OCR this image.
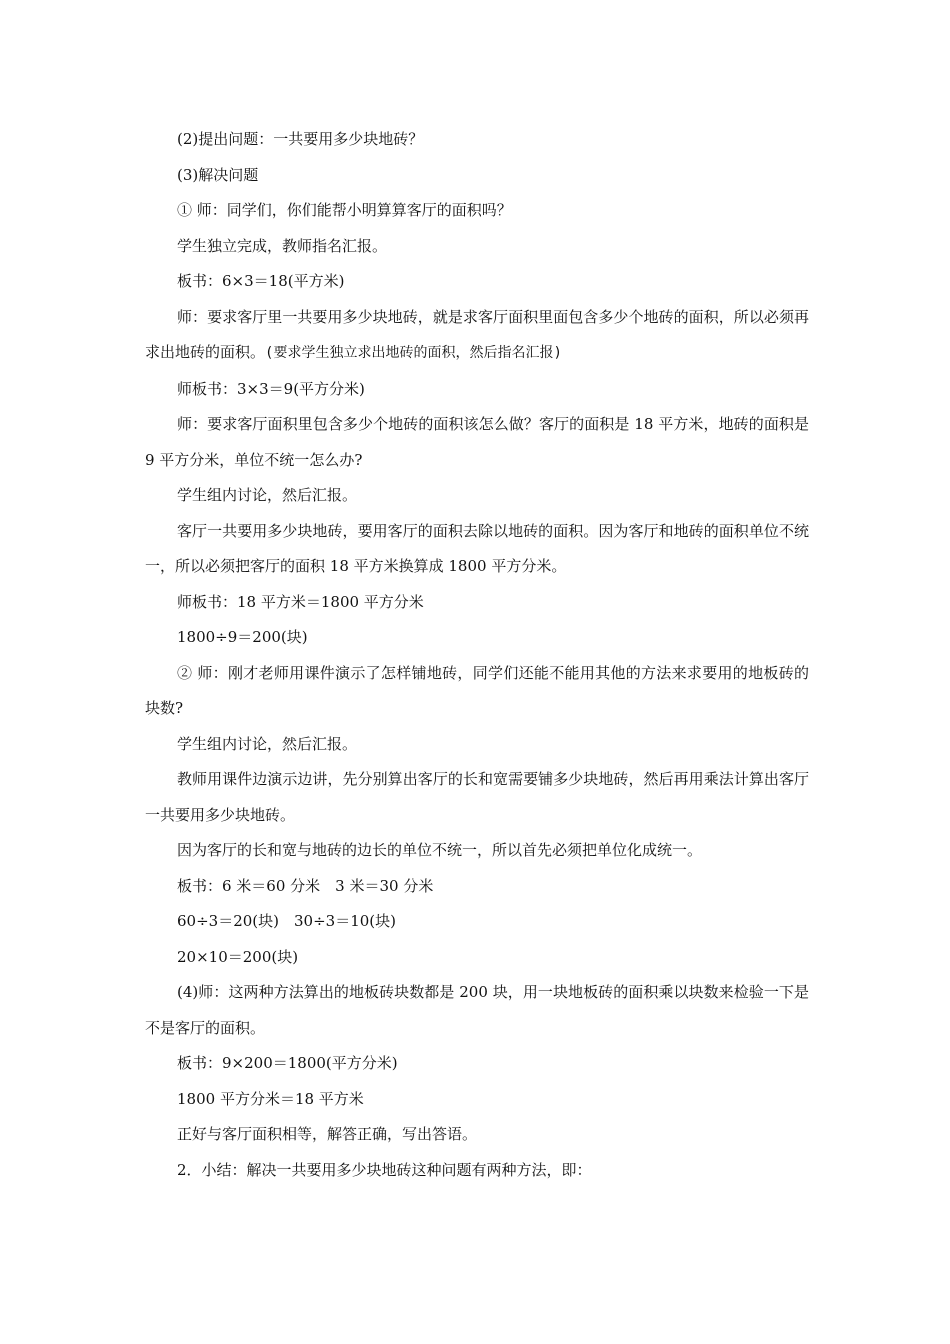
(2)提出问题：一共要用多少块地砖？

(3)解决问题

① 师：同学们，你们能帮小明算算客厅的面积吗？

学生独立完成，教师指名汇报。

板书：6×3＝18(平方米)

师：要求客厅里一共要用多少块地砖，就是求客厅面积里面包含多少个地砖的面积，所以必须再求出地砖的面积。(要求学生独立求出地砖的面积，然后指名汇报)

师板书：3×3＝9(平方分米)

师：要求客厅面积里包含多少个地砖的面积该怎么做？客厅的面积是 18 平方米，地砖的面积是 9 平方分米，单位不统一怎么办?

学生组内讨论，然后汇报。

客厅一共要用多少块地砖，要用客厅的面积去除以地砖的面积。因为客厅和地砖的面积单位不统一，所以必须把客厅的面积 18 平方米换算成 1800 平方分米。

师板书：18 平方米＝1800 平方分米

1800÷9＝200(块)

② 师：刚才老师用课件演示了怎样铺地砖，同学们还能不能用其他的方法来求要用的地板砖的块数?

学生组内讨论，然后汇报。

教师用课件边演示边讲，先分别算出客厅的长和宽需要铺多少块地砖，然后再用乘法计算出客厅一共要用多少块地砖。

因为客厅的长和宽与地砖的边长的单位不统一，所以首先必须把单位化成统一。

板书：6 米＝60 分米　3 米＝30 分米

60÷3＝20(块)　30÷3＝10(块)

20×10＝200(块)

(4)师：这两种方法算出的地板砖块数都是 200 块，用一块地板砖的面积乘以块数来检验一下是不是客厅的面积。

板书：9×200＝1800(平方分米)

1800 平方分米＝18 平方米

正好与客厅面积相等，解答正确，写出答语。

2．小结：解决一共要用多少块地砖这种问题有两种方法，即：
